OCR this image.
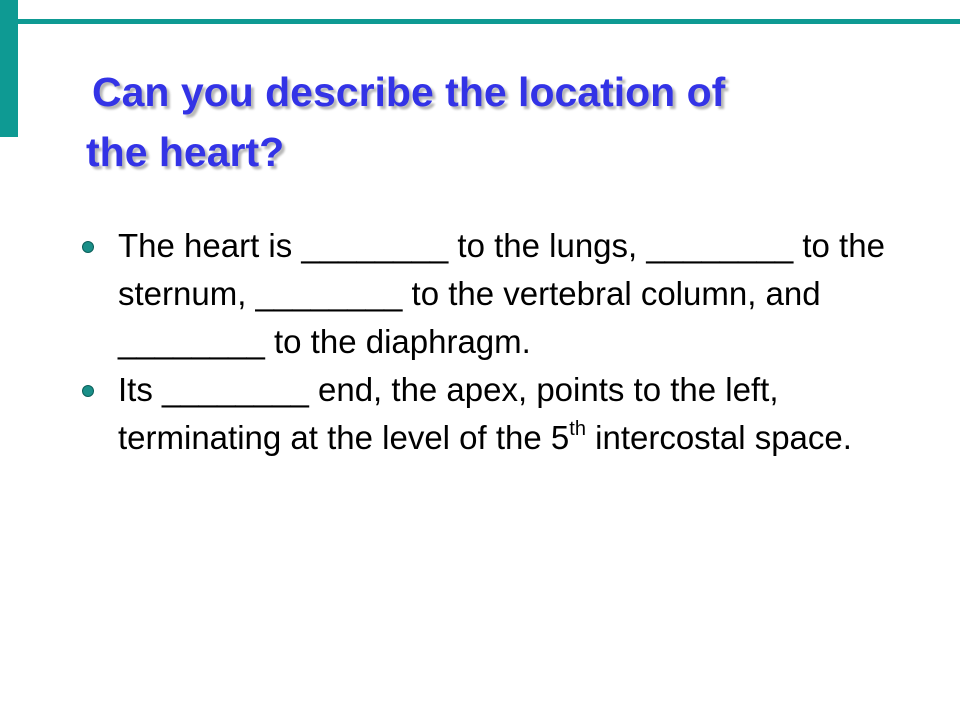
Can you describe the location of
the heart?
The heart is ________ to the lungs, ________ to the sternum, ________ to the vertebral column, and ________ to the diaphragm.
Its ________ end, the apex, points to the left, terminating at the level of the 5th intercostal space.
